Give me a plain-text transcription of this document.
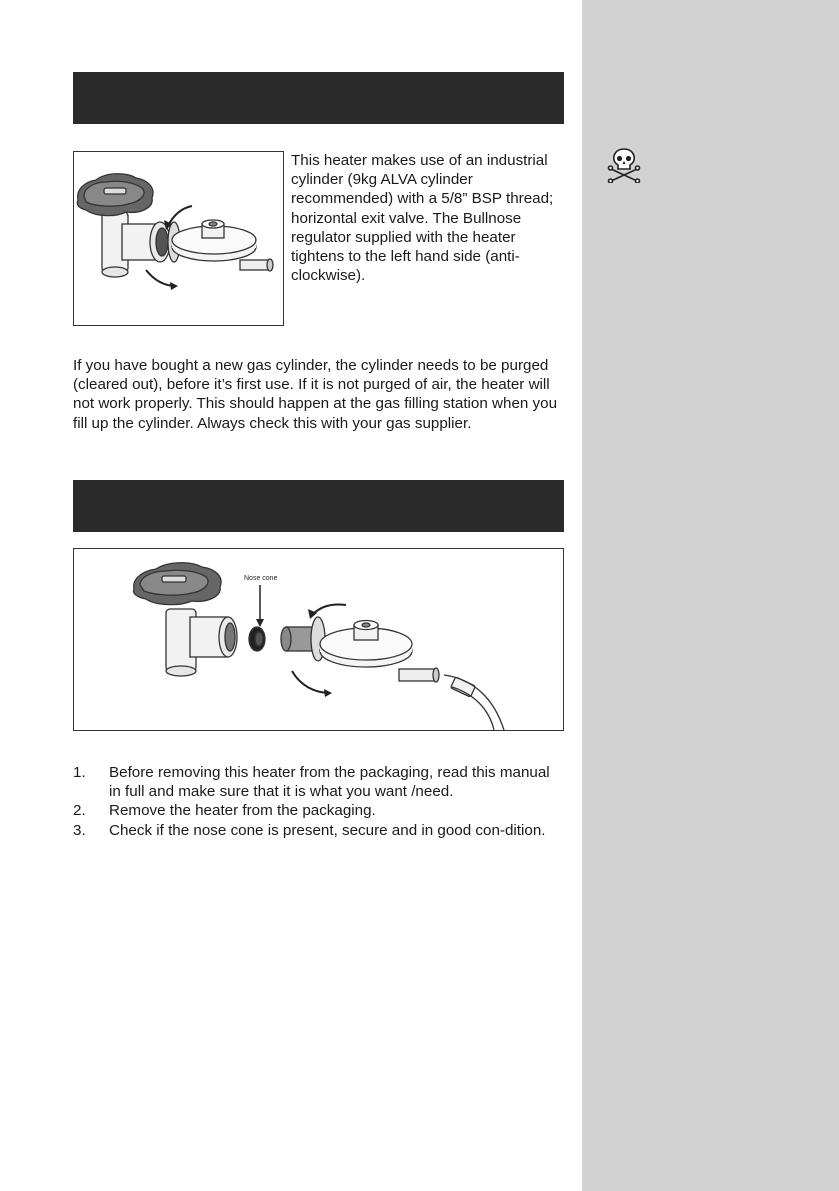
This heater makes use of an industrial cylinder (9kg ALVA cylinder recommended) with a 5/8” BSP thread; horizontal exit valve. The Bullnose regulator supplied with the heater tightens to the left hand side (anti-clockwise).

If you have bought a new gas cylinder, the cylinder needs to be purged (cleared out), before it’s first use. If it is not purged of air, the heater will not work properly. This should happen at the gas filling station when you fill up the cylinder. Always check this with your gas supplier.

Nose cone
1.	Before removing this heater from the packaging, read this manual in full and make sure that it is what you want /need.
2.	Remove the heater from the packaging.
3.	Check if the nose cone is present, secure and in good con-dition.
